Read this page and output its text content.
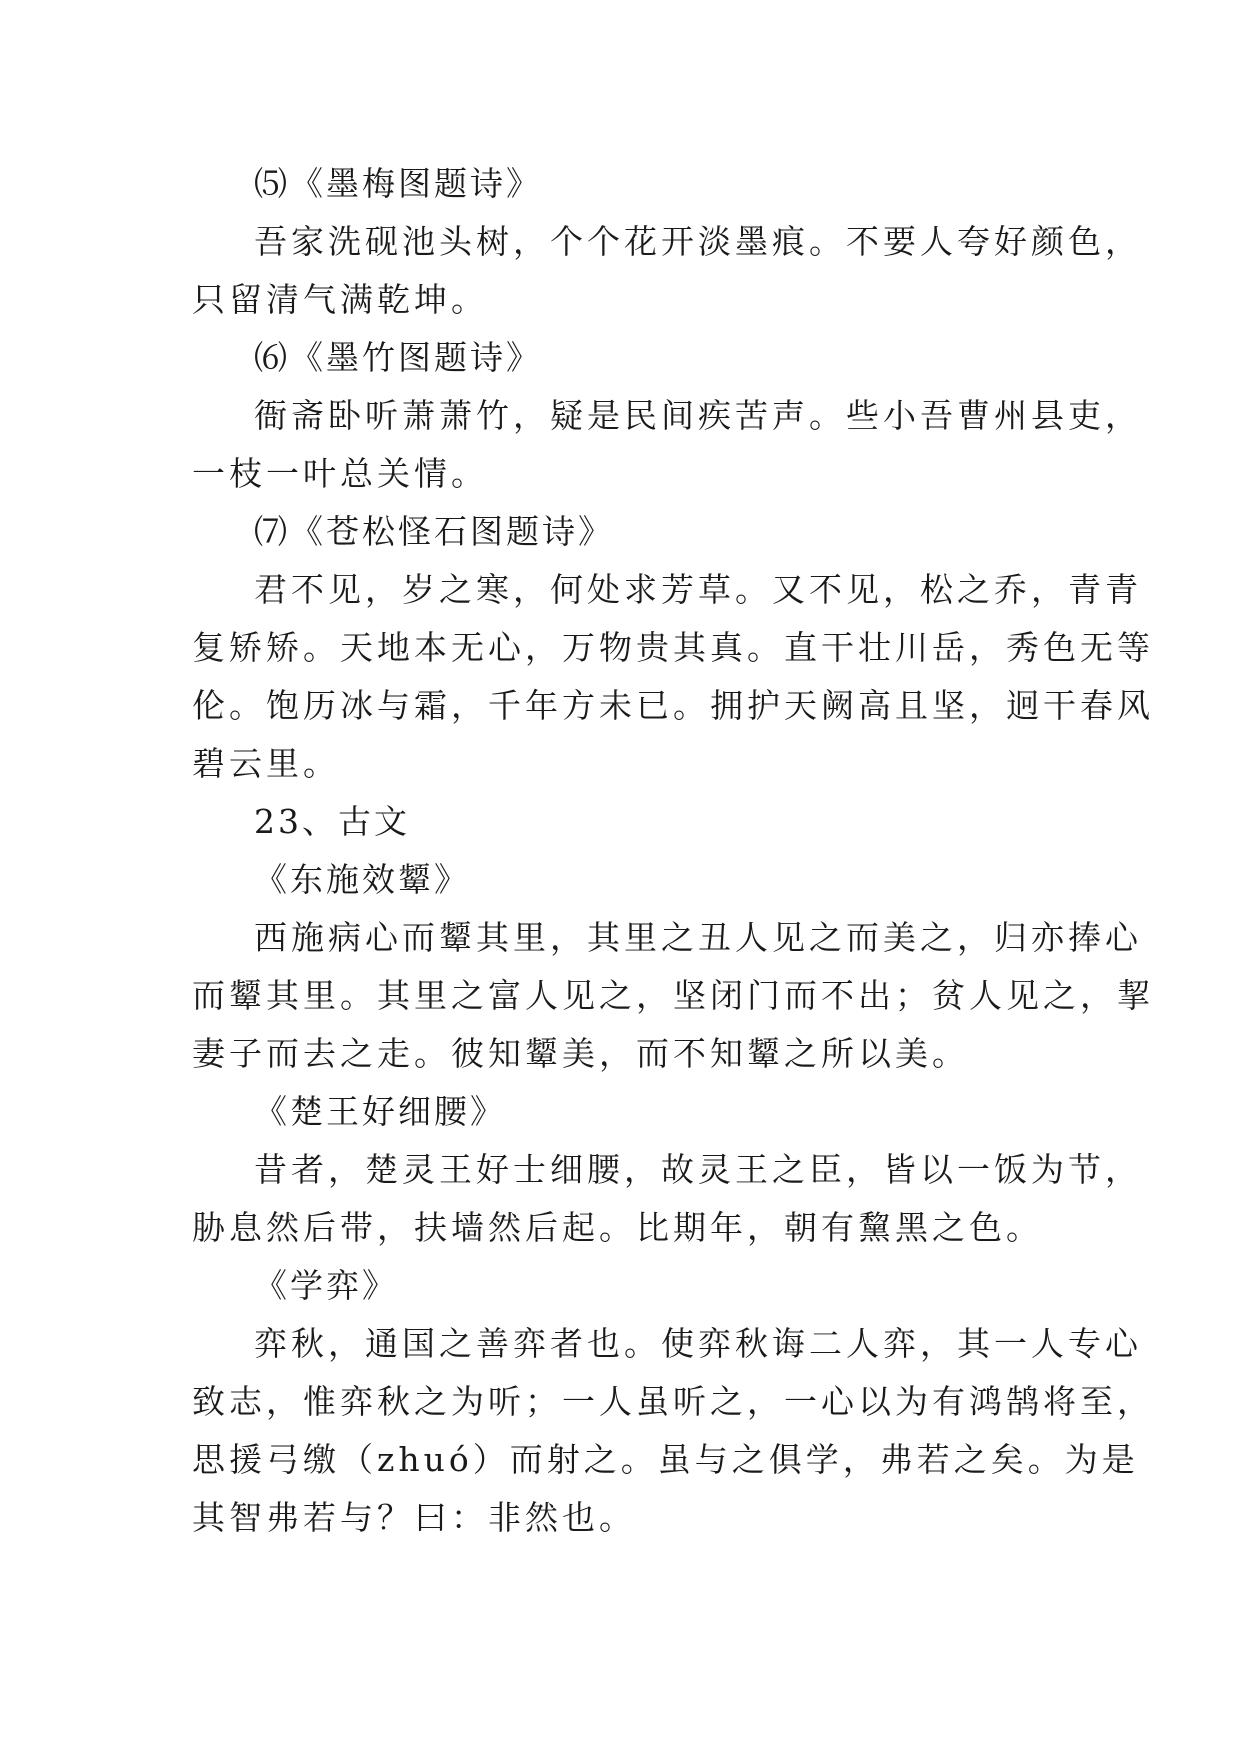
⑸《墨梅图题诗》
吾家洗砚池头树，个个花开淡墨痕。不要人夸好颜色，
只留清气满乾坤。
⑹《墨竹图题诗》
衙斋卧听萧萧竹，疑是民间疾苦声。些小吾曹州县吏，
一枝一叶总关情。
⑺《苍松怪石图题诗》
君不见，岁之寒，何处求芳草。又不见，松之乔，青青
复矫矫。天地本无心，万物贵其真。直干壮川岳，秀色无等
伦。饱历冰与霜，千年方未已。拥护天阙高且坚，迥干春风
碧云里。
23、古文
《东施效颦》
西施病心而颦其里，其里之丑人见之而美之，归亦捧心
而颦其里。其里之富人见之，坚闭门而不出；贫人见之，挈
妻子而去之走。彼知颦美，而不知颦之所以美。
《楚王好细腰》
昔者，楚灵王好士细腰，故灵王之臣，皆以一饭为节，
胁息然后带，扶墙然后起。比期年，朝有黧黑之色。
《学弈》
弈秋，通国之善弈者也。使弈秋诲二人弈，其一人专心
致志，惟弈秋之为听；一人虽听之，一心以为有鸿鹄将至，
思援弓缴（zhuó）而射之。虽与之俱学，弗若之矣。为是
其智弗若与？曰：非然也。
